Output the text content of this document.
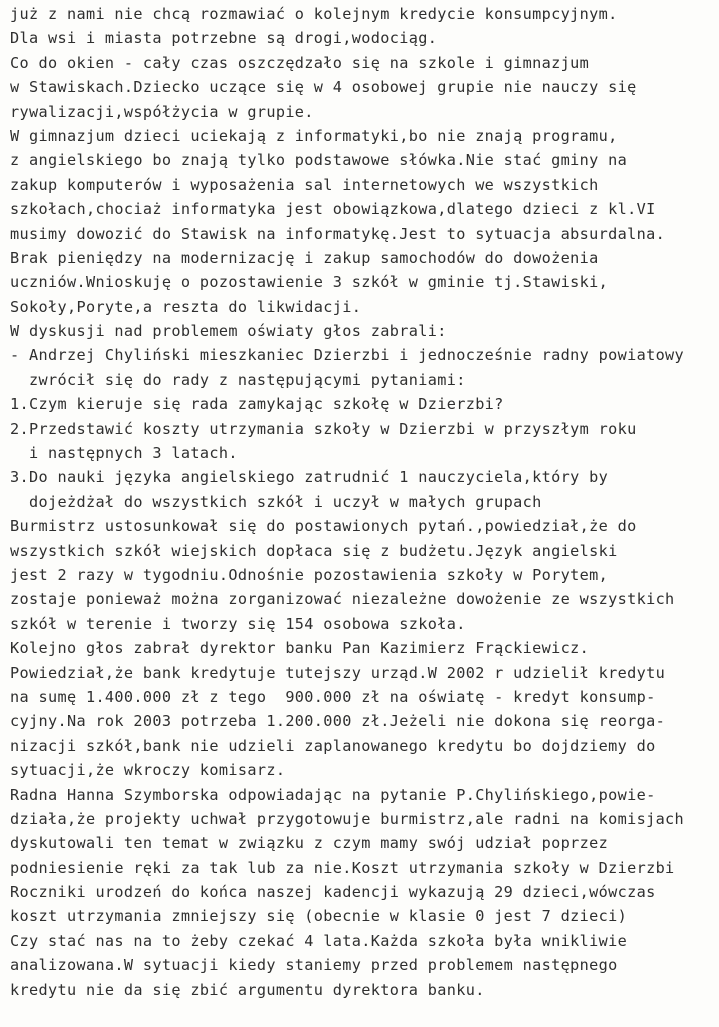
już z nami nie chcą rozmawiać o kolejnym kredycie konsumpcyjnym.
Dla wsi i miasta potrzebne są drogi,wodociąg.
Co do okien - cały czas oszczędzało się na szkole i gimnazjum
w Stawiskach.Dziecko uczące się w 4 osobowej grupie nie nauczy się
rywalizacji,współżycia w grupie.
W gimnazjum dzieci uciekają z informatyki,bo nie znają programu,
z angielskiego bo znają tylko podstawowe słówka.Nie stać gminy na
zakup komputerów i wyposażenia sal internetowych we wszystkich
szkołach,chociaż informatyka jest obowiązkowa,dlatego dzieci z kl.VI
musimy dowozić do Stawisk na informatykę.Jest to sytuacja absurdalna.
Brak pieniędzy na modernizację i zakup samochodów do dowożenia
uczniów.Wnioskuję o pozostawienie 3 szkół w gminie tj.Stawiski,
Sokoły,Poryte,a reszta do likwidacji.
W dyskusji nad problemem oświaty głos zabrali:
- Andrzej Chyliński mieszkaniec Dzierzbi i jednocześnie radny powiatowy
zwrócił się do rady z następującymi pytaniami:
1.Czym kieruje się rada zamykając szkołę w Dzierzbi?
2.Przedstawić koszty utrzymania szkoły w Dzierzbi w przyszłym roku
i następnych 3 latach.
3.Do nauki języka angielskiego zatrudnić 1 nauczyciela,który by
dojeżdżał do wszystkich szkół i uczył w małych grupach
Burmistrz ustosunkował się do postawionych pytań.,powiedział,że do
wszystkich szkół wiejskich dopłaca się z budżetu.Język angielski
jest 2 razy w tygodniu.Odnośnie pozostawienia szkoły w Porytem,
zostaje ponieważ można zorganizować niezależne dowożenie ze wszystkich
szkół w terenie i tworzy się 154 osobowa szkoła.
Kolejno głos zabrał dyrektor banku Pan Kazimierz Frąckiewicz.
Powiedział,że bank kredytuje tutejszy urząd.W 2002 r udzielił kredytu
na sumę 1.400.000 zł z tego  900.000 zł na oświatę - kredyt konsump-
cyjny.Na rok 2003 potrzeba 1.200.000 zł.Jeżeli nie dokona się reorga-
nizacji szkół,bank nie udzieli zaplanowanego kredytu bo dojdziemy do
sytuacji,że wkroczy komisarz.
Radna Hanna Szymborska odpowiadając na pytanie P.Chylińskiego,powie-
działa,że projekty uchwał przygotowuje burmistrz,ale radni na komisjach
dyskutowali ten temat w związku z czym mamy swój udział poprzez
podniesienie ręki za tak lub za nie.Koszt utrzymania szkoły w Dzierzbi
Roczniki urodzeń do końca naszej kadencji wykazują 29 dzieci,wówczas
koszt utrzymania zmniejszy się (obecnie w klasie 0 jest 7 dzieci)
Czy stać nas na to żeby czekać 4 lata.Każda szkoła była wnikliwie
analizowana.W sytuacji kiedy staniemy przed problemem następnego
kredytu nie da się zbić argumentu dyrektora banku.
